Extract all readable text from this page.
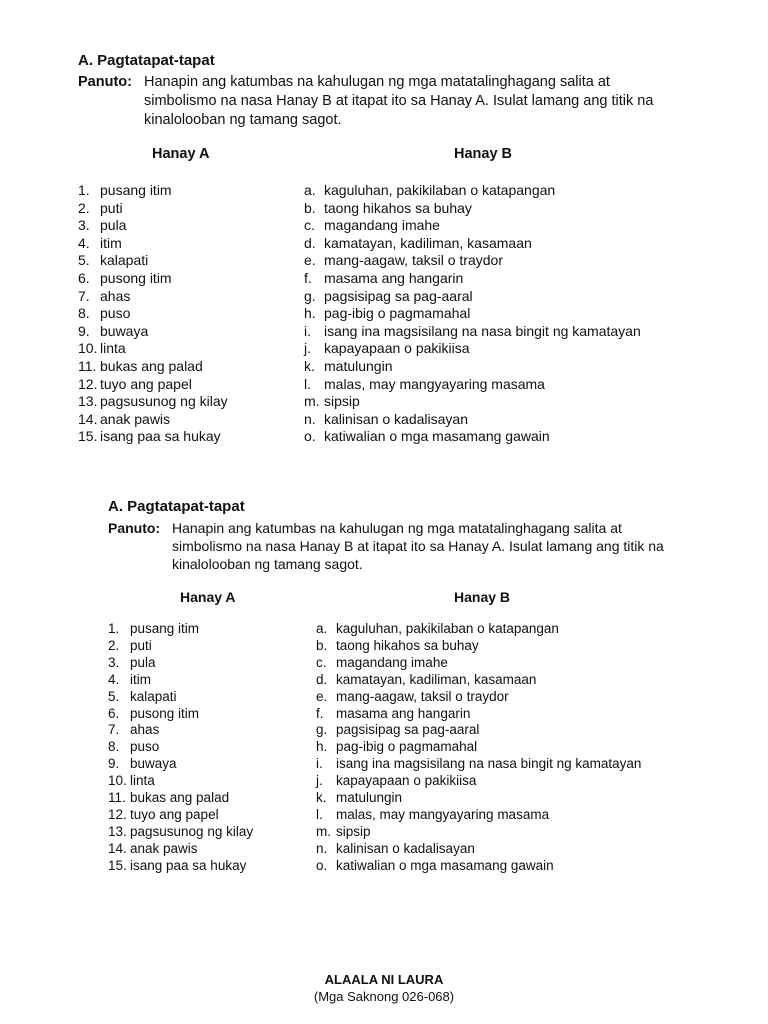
A. Pagtatapat-tapat
Panuto: Hanapin ang katumbas na kahulugan ng mga matatalinghagang salita at simbolismo na nasa Hanay B at itapat ito sa Hanay A. Isulat lamang ang titik na kinalolooban ng tamang sagot.
Hanay A	Hanay B
1. pusang itim
2. puti
3. pula
4. itim
5. kalapati
6. pusong itim
7. ahas
8. puso
9. buwaya
10. linta
11. bukas ang palad
12. tuyo ang papel
13. pagsusunog ng kilay
14. anak pawis
15. isang paa sa hukay
a. kaguluhan, pakikilaban o katapangan
b. taong hikahos sa buhay
c. magandang imahe
d. kamatayan, kadiliman, kasamaan
e. mang-aagaw, taksil o traydor
f. masama ang hangarin
g. pagsisipag sa pag-aaral
h. pag-ibig o pagmamahal
i. isang ina magsisilang na nasa bingit ng kamatayan
j. kapayapaan o pakikiisa
k. matulungin
l. malas, may mangyayaring masama
m. sipsip
n. kalinisan o kadalisayan
o. katiwalian o mga masamang gawain
A. Pagtatapat-tapat
Panuto: Hanapin ang katumbas na kahulugan ng mga matatalinghagang salita at simbolismo na nasa Hanay B at itapat ito sa Hanay A. Isulat lamang ang titik na kinalolooban ng tamang sagot.
Hanay A	Hanay B
1. pusang itim
2. puti
3. pula
4. itim
5. kalapati
6. pusong itim
7. ahas
8. puso
9. buwaya
10. linta
11. bukas ang palad
12. tuyo ang papel
13. pagsusunog ng kilay
14. anak pawis
15. isang paa sa hukay
a. kaguluhan, pakikilaban o katapangan
b. taong hikahos sa buhay
c. magandang imahe
d. kamatayan, kadiliman, kasamaan
e. mang-aagaw, taksil o traydor
f. masama ang hangarin
g. pagsisipag sa pag-aaral
h. pag-ibig o pagmamahal
i. isang ina magsisilang na nasa bingit ng kamatayan
j. kapayapaan o pakikiisa
k. matulungin
l. malas, may mangyayaring masama
m. sipsip
n. kalinisan o kadalisayan
o. katiwalian o mga masamang gawain
ALAALA NI LAURA
(Mga Saknong 026-068)
